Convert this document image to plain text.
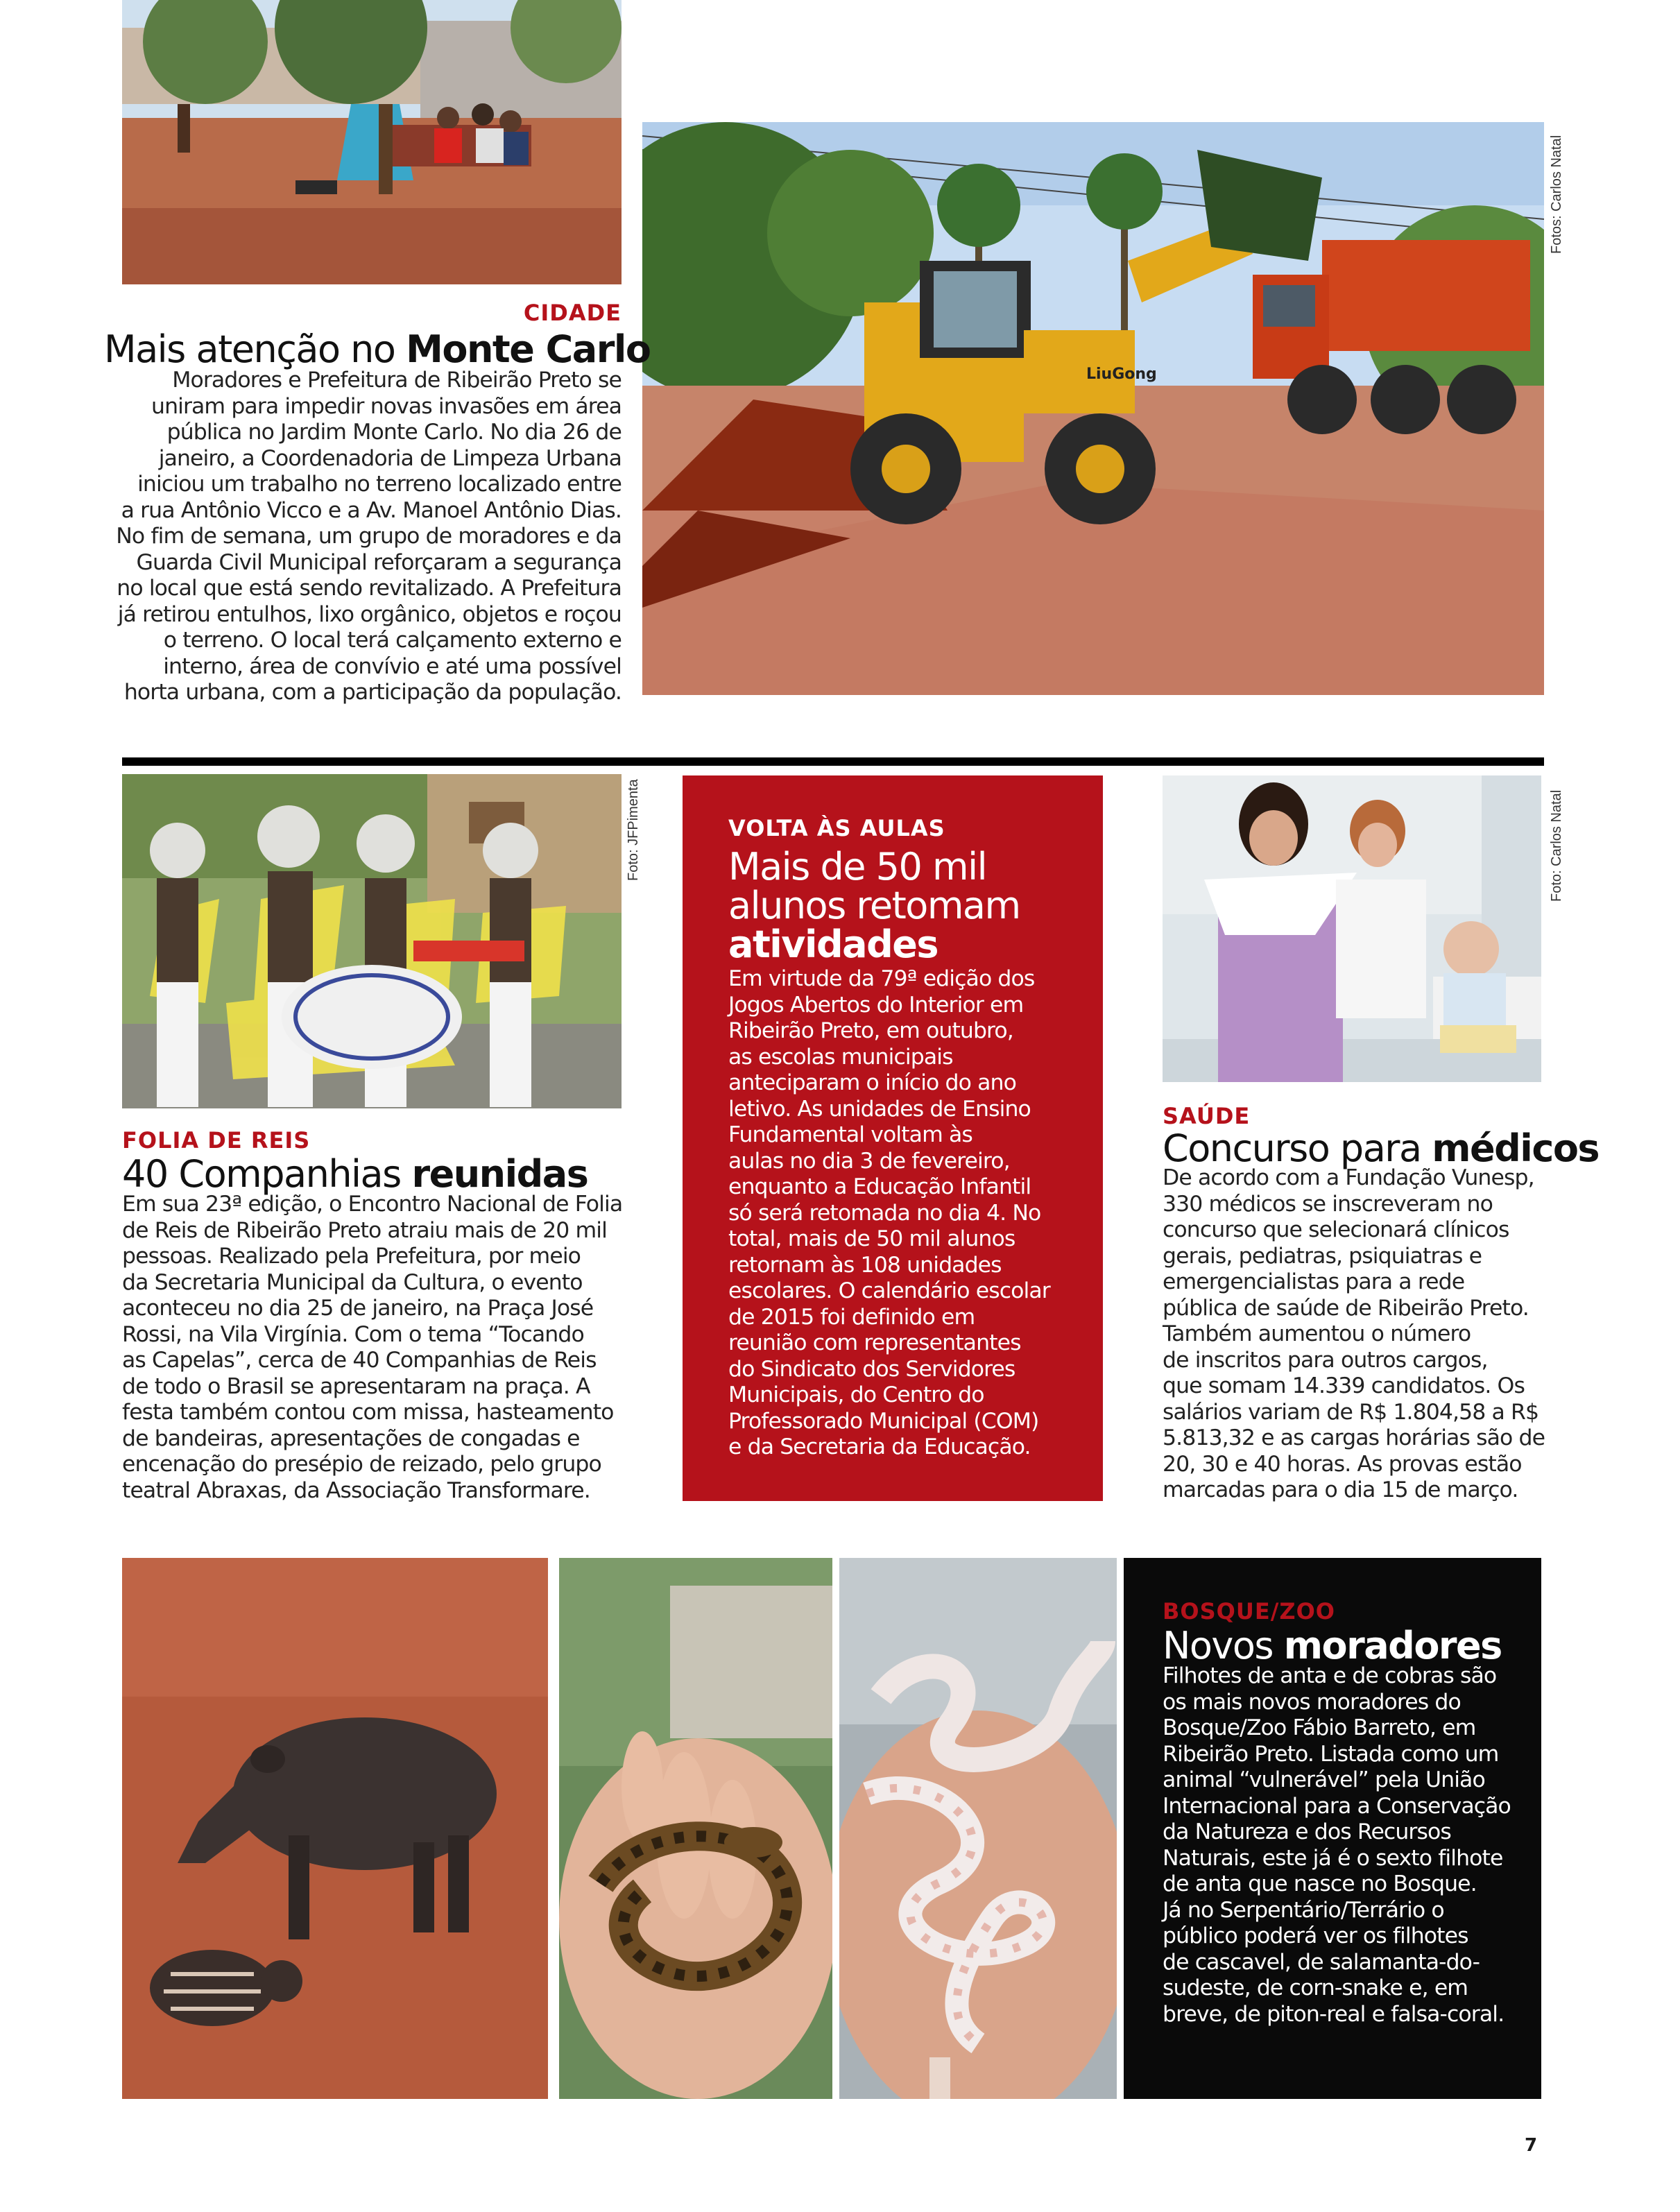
LiuGong
Fotos: Carlos Natal
CIDADE
Mais atenção no Monte Carlo
Moradores e Prefeitura de Ribeirão Preto se
uniram para impedir novas invasões em área
pública no Jardim Monte Carlo. No dia 26 de
janeiro, a Coordenadoria de Limpeza Urbana
iniciou um trabalho no terreno localizado entre
a rua Antônio Vicco e a Av. Manoel Antônio Dias.
No fim de semana, um grupo de moradores e da
Guarda Civil Municipal reforçaram a segurança
no local que está sendo revitalizado. A Prefeitura
já retirou entulhos, lixo orgânico, objetos e roçou
o terreno. O local terá calçamento externo e
interno, área de convívio e até uma possível
horta urbana, com a participação da população.
Foto: JFPimenta
FOLIA DE REIS
40 Companhias reunidas
Em sua 23ª edição, o Encontro Nacional de Folia
de Reis de Ribeirão Preto atraiu mais de 20 mil
pessoas. Realizado pela Prefeitura, por meio
da Secretaria Municipal da Cultura, o evento
aconteceu no dia 25 de janeiro, na Praça José
Rossi, na Vila Virgínia. Com o tema “Tocando
as Capelas”, cerca de 40 Companhias de Reis
de todo o Brasil se apresentaram na praça. A
festa também contou com missa, hasteamento
de bandeiras, apresentações de congadas e
encenação do presépio de reizado, pelo grupo
teatral Abraxas, da Associação Transformare.
VOLTA ÀS AULAS
Mais de 50 mil
alunos retomam
atividades
Em virtude da 79ª edição dos
Jogos Abertos do Interior em
Ribeirão Preto, em outubro,
as escolas municipais
anteciparam o início do ano
letivo. As unidades de Ensino
Fundamental voltam às
aulas no dia 3 de fevereiro,
enquanto a Educação Infantil
só será retomada no dia 4. No
total, mais de 50 mil alunos
retornam às 108 unidades
escolares. O calendário escolar
de 2015 foi definido em
reunião com representantes
do Sindicato dos Servidores
Municipais, do Centro do
Professorado Municipal (COM)
e da Secretaria da Educação.
Foto: Carlos Natal
SAÚDE
Concurso para médicos
De acordo com a Fundação Vunesp,
330 médicos se inscreveram no
concurso que selecionará clínicos
gerais, pediatras, psiquiatras e
emergencialistas para a rede
pública de saúde de Ribeirão Preto.
Também aumentou o número
de inscritos para outros cargos,
que somam 14.339 candidatos. Os
salários variam de R$ 1.804,58 a R$
5.813,32 e as cargas horárias são de
20, 30 e 40 horas. As provas estão
marcadas para o dia 15 de março.
BOSQUE/ZOO
Novos moradores
Filhotes de anta e de cobras são
os mais novos moradores do
Bosque/Zoo Fábio Barreto, em
Ribeirão Preto. Listada como um
animal “vulnerável” pela União
Internacional para a Conservação
da Natureza e dos Recursos
Naturais, este já é o sexto filhote
de anta que nasce no Bosque.
Já no Serpentário/Terrário o
público poderá ver os filhotes
de cascavel, de salamanta-do-
sudeste, de corn-snake e, em
breve, de piton-real e falsa-coral.
7
